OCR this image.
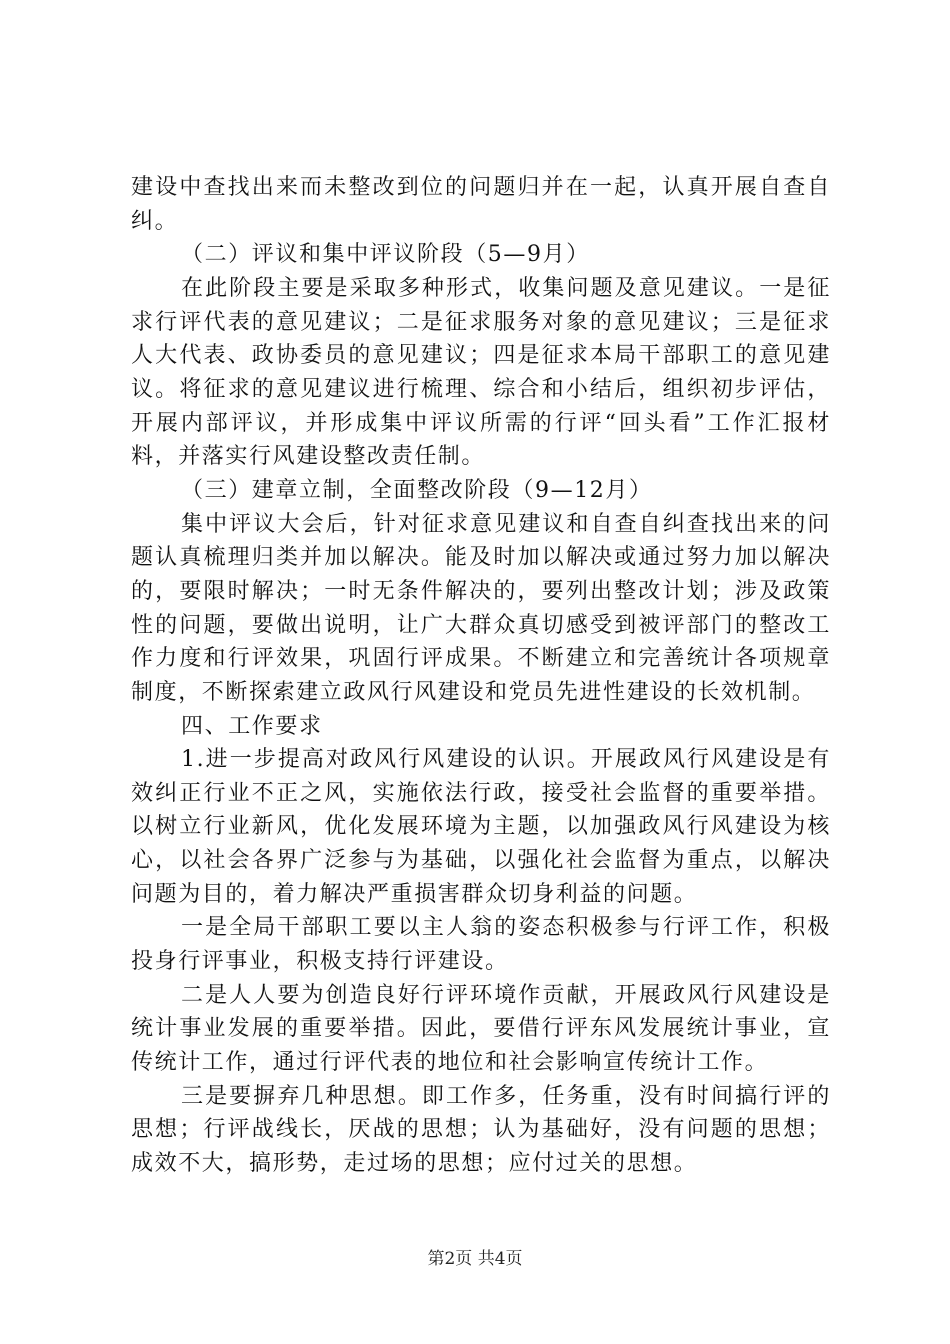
建设中查找出来而未整改到位的问题归并在一起，认真开展自查自纠。

（二）评议和集中评议阶段（5—9月）

在此阶段主要是采取多种形式，收集问题及意见建议。一是征求行评代表的意见建议；二是征求服务对象的意见建议；三是征求人大代表、政协委员的意见建议；四是征求本局干部职工的意见建议。将征求的意见建议进行梳理、综合和小结后，组织初步评估，开展内部评议，并形成集中评议所需的行评“回头看”工作汇报材料，并落实行风建设整改责任制。

（三）建章立制，全面整改阶段（9—12月）

集中评议大会后，针对征求意见建议和自查自纠查找出来的问题认真梳理归类并加以解决。能及时加以解决或通过努力加以解决的，要限时解决；一时无条件解决的，要列出整改计划；涉及政策性的问题，要做出说明，让广大群众真切感受到被评部门的整改工作力度和行评效果，巩固行评成果。不断建立和完善统计各项规章制度，不断探索建立政风行风建设和党员先进性建设的长效机制。

四、工作要求

1.进一步提高对政风行风建设的认识。开展政风行风建设是有效纠正行业不正之风，实施依法行政，接受社会监督的重要举措。以树立行业新风，优化发展环境为主题，以加强政风行风建设为核心，以社会各界广泛参与为基础，以强化社会监督为重点，以解决问题为目的，着力解决严重损害群众切身利益的问题。

一是全局干部职工要以主人翁的姿态积极参与行评工作，积极投身行评事业，积极支持行评建设。

二是人人要为创造良好行评环境作贡献，开展政风行风建设是统计事业发展的重要举措。因此，要借行评东风发展统计事业，宣传统计工作，通过行评代表的地位和社会影响宣传统计工作。

三是要摒弃几种思想。即工作多，任务重，没有时间搞行评的思想；行评战线长，厌战的思想；认为基础好，没有问题的思想；成效不大，搞形势，走过场的思想；应付过关的思想。

第2页 共4页
